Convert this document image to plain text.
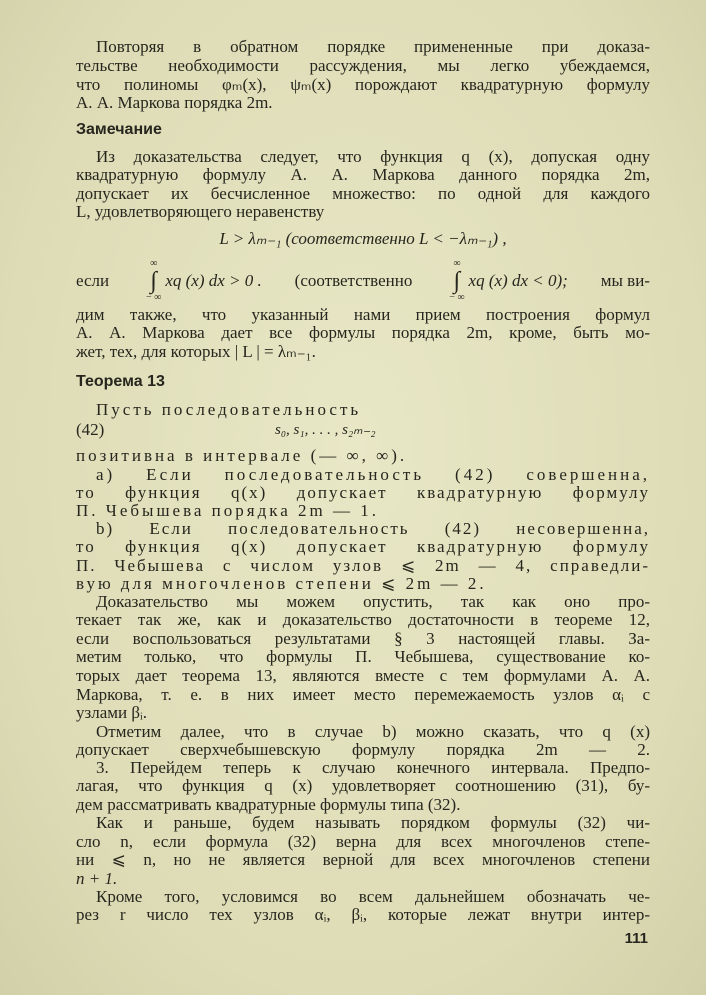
Повторяя в обратном порядке примененные при доказа-
тельстве необходимости рассуждения, мы легко убеждаемся,
что полиномы φₘ(x), ψₘ(x) порождают квадратурную формулу
А. А. Маркова порядка 2m.
Замечание
Из доказательства следует, что функция q (x), допуская одну
квадратурную формулу А. А. Маркова данного порядка 2m,
допускает их бесчисленное множество: по одной для каждого
L, удовлетворяющего неравенству
L > λₘ₋₁ (соответственно L < −λₘ₋₁) ,
если
∞
∫
− ∞
xq (x) dx > 0 . (соответственно
∞
∫
− ∞
xq (x) dx < 0); мы ви-
дим также, что указанный нами прием построения формул
А. А. Маркова дает все формулы порядка 2m, кроме, быть мо-
жет, тех, для которых | L | = λₘ₋₁.
Теорема 13
Пусть последовательность
(42)	s₀, s₁, . . . , s₂ₘ₋₂
позитивна в интервале (— ∞, ∞).
a) Если последовательность (42) совершенна,
то функция q(x) допускает квадратурную формулу
П. Чебышева порядка 2m — 1.
b) Если последовательность (42) несовершенна,
то функция q(x) допускает квадратурную формулу
П. Чебышева с числом узлов ⩽ 2m — 4, справедли-
вую для многочленов степени ⩽ 2m — 2.
Доказательство мы можем опустить, так как оно про-
текает так же, как и доказательство достаточности в теореме 12,
если воспользоваться результатами § 3 настоящей главы. За-
метим только, что формулы П. Чебышева, существование ко-
торых дает теорема 13, являются вместе с тем формулами А. А.
Маркова, т. е. в них имеет место перемежаемость узлов αᵢ с
узлами βᵢ.
Отметим далее, что в случае b) можно сказать, что q (x)
допускает сверхчебышевскую формулу порядка 2m — 2.
3. Перейдем теперь к случаю конечного интервала. Предпо-
лагая, что функция q (x) удовлетворяет соотношению (31), бу-
дем рассматривать квадратурные формулы типа (32).
Как и раньше, будем называть порядком формулы (32) чи-
сло n, если формула (32) верна для всех многочленов степе-
ни ⩽ n, но не является верной для всех многочленов степени
n + 1.
Кроме того, условимся во всем дальнейшем обозначать че-
рез r число тех узлов αᵢ, βᵢ, которые лежат внутри интер-
111
